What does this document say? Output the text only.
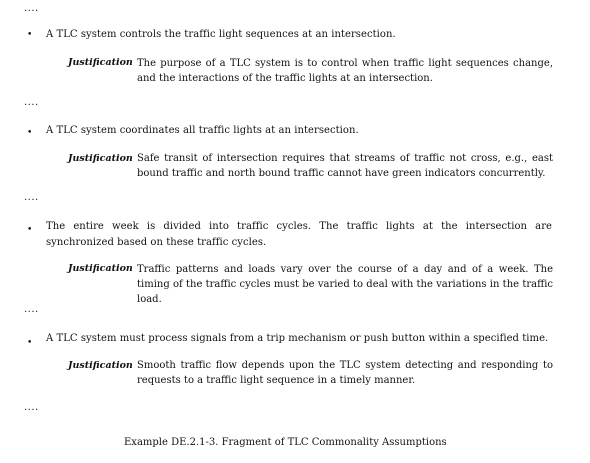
....
• A TLC system controls the traffic light sequences at an intersection.
Justification The purpose of a TLC system is to control when traffic light sequences change, and the interactions of the traffic lights at an intersection.
....
• A TLC system coordinates all traffic lights at an intersection.
Justification Safe transit of intersection requires that streams of traffic not cross, e.g., east bound traffic and north bound traffic cannot have green indicators concurrently.
....
• The entire week is divided into traffic cycles. The traffic lights at the intersection are synchronized based on these traffic cycles.
Justification Traffic patterns and loads vary over the course of a day and of a week. The timing of the traffic cycles must be varied to deal with the variations in the traffic load.
....
• A TLC system must process signals from a trip mechanism or push button within a specified time.
Justification Smooth traffic flow depends upon the TLC system detecting and responding to requests to a traffic light sequence in a timely manner.
....
Example DE.2.1-3. Fragment of TLC Commonality Assumptions
